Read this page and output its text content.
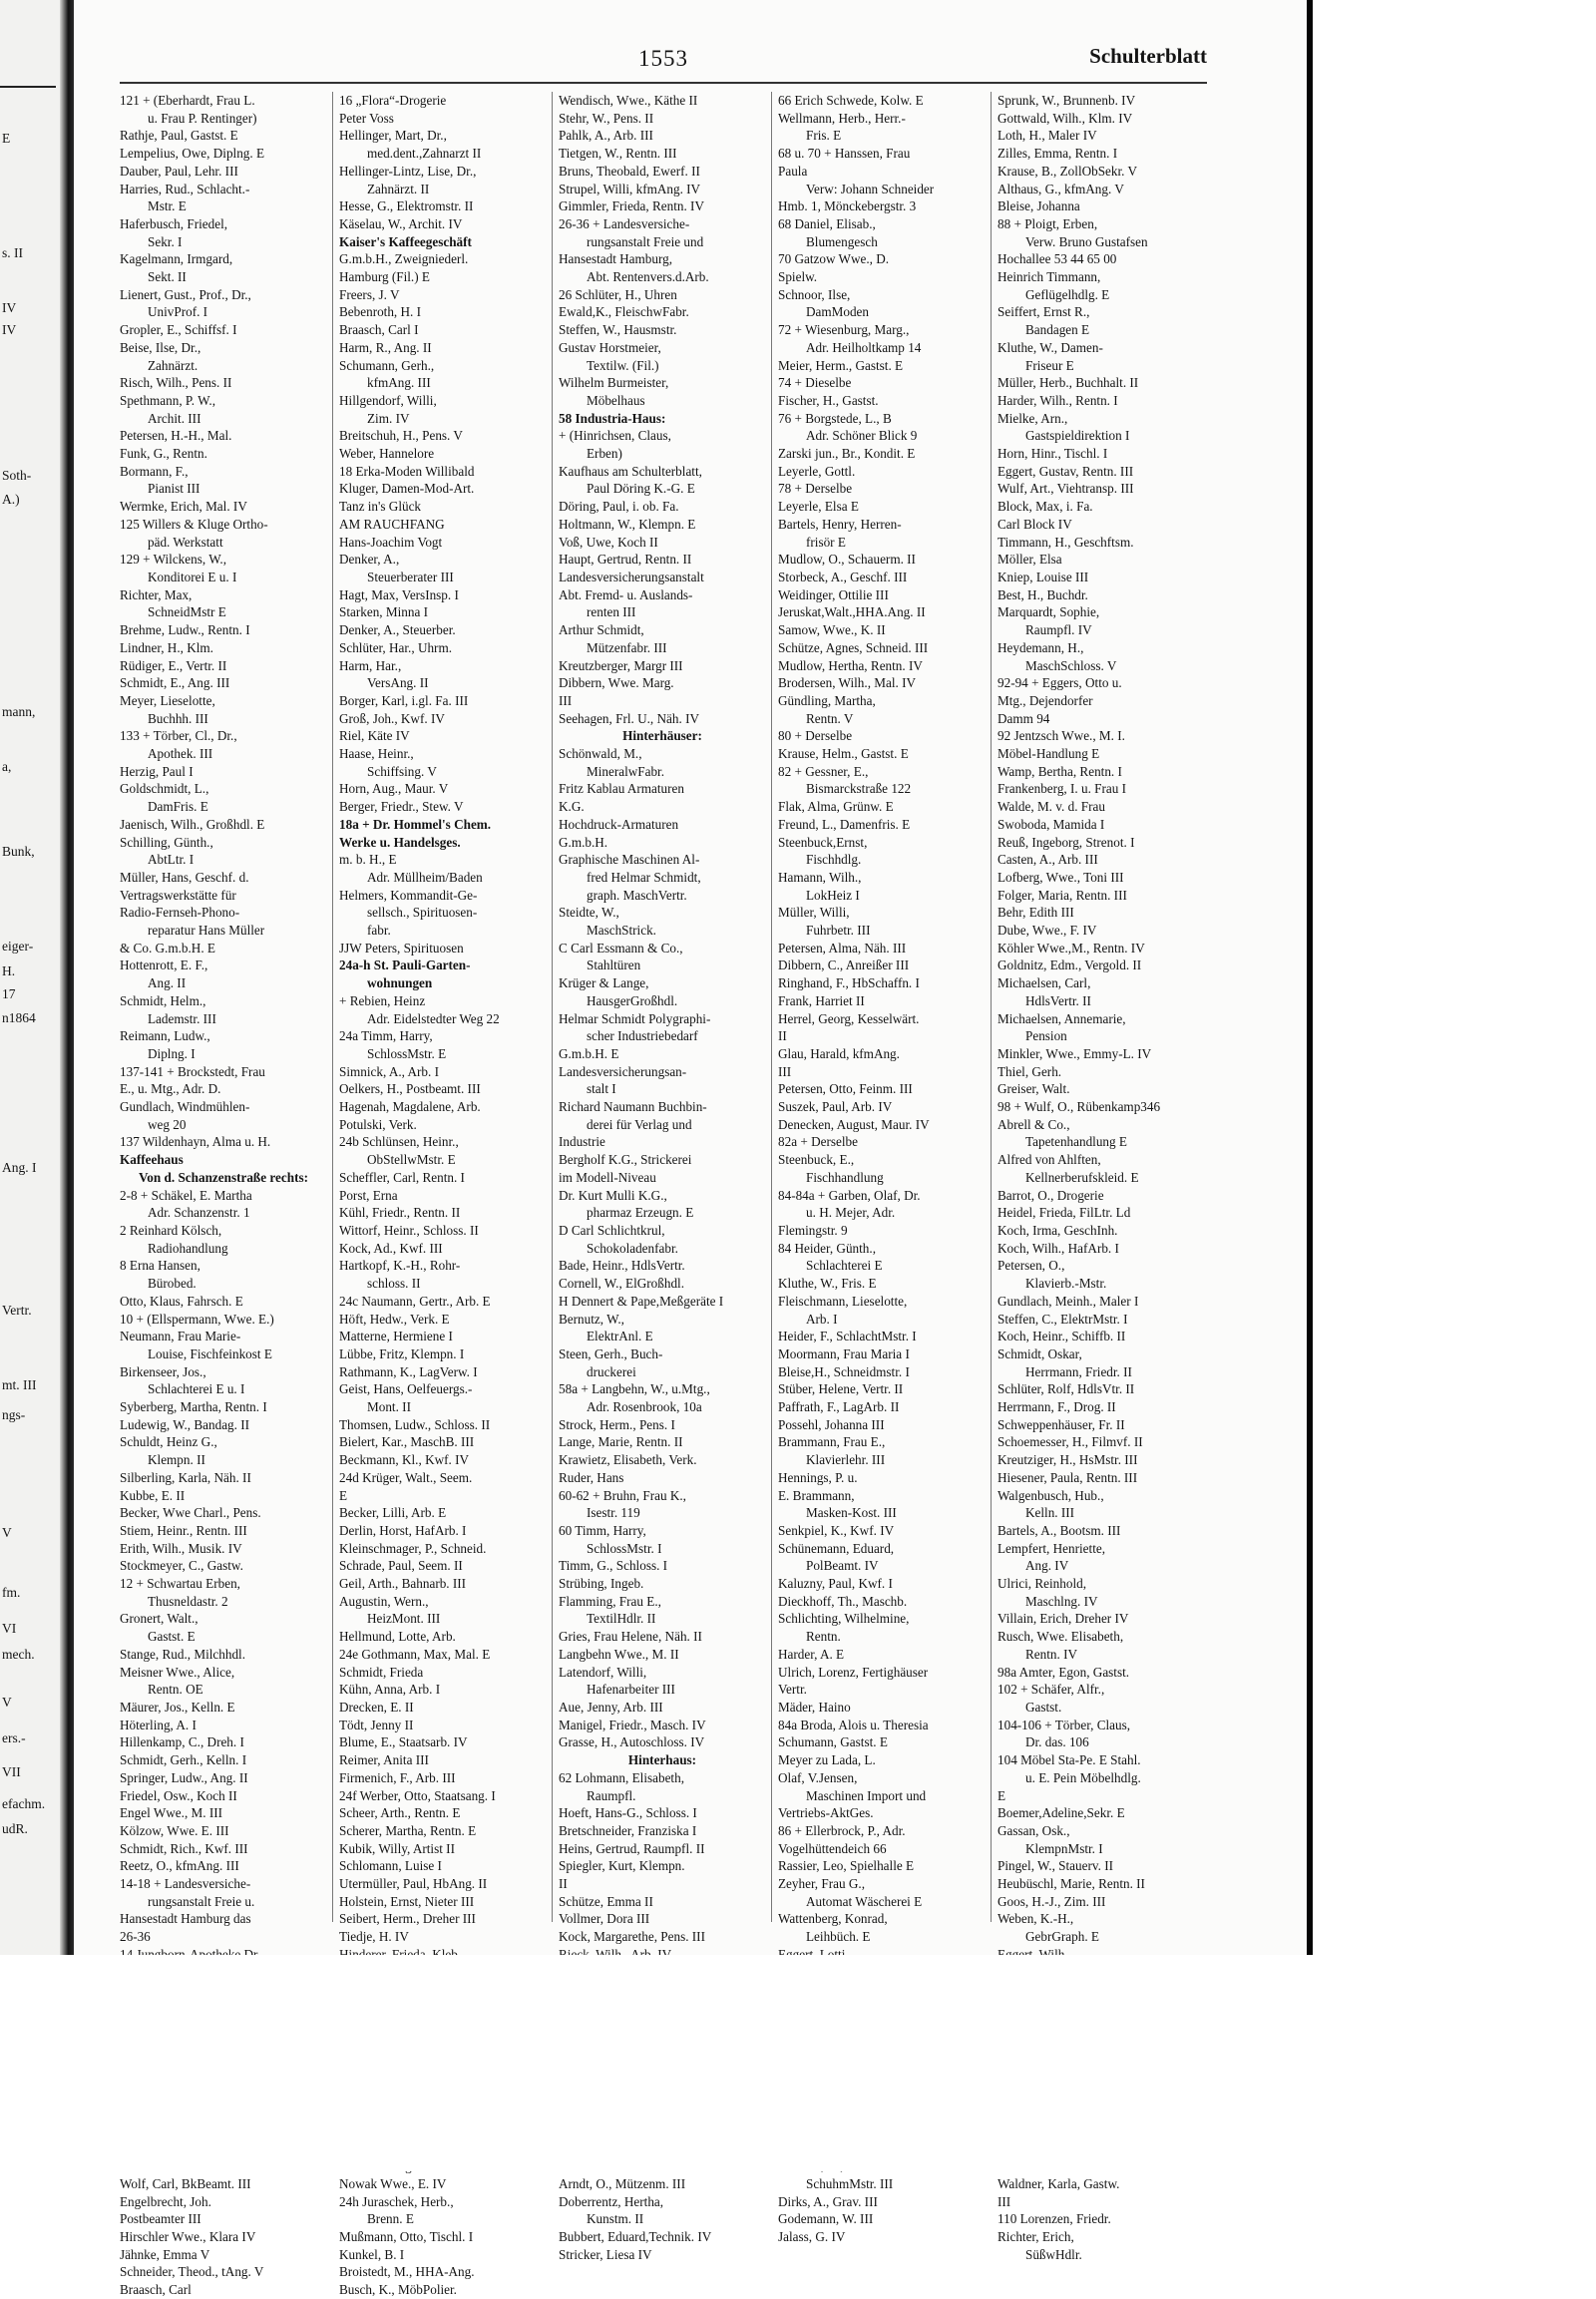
E
s. II
IV
IV
Soth-
A.)
mann,
a,
Bunk,
eiger-
H.
17
n1864
Ang. I
Vertr.
mt. III
ngs-
V
fm.
VI
mech.
V
ers.-
VII
efachm.
udR.
1553	Schulterblatt
121 + (Eberhardt, Frau L.
u. Frau P. Rentinger)
Rathje, Paul, Gastst. E
Lempelius, Owe, Diplng. E
Dauber, Paul, Lehr. III
Harries, Rud., Schlacht.-
Mstr. E
Haferbusch, Friedel,
Sekr. I
Kagelmann, Irmgard,
Sekt. II
Lienert, Gust., Prof., Dr.,
UnivProf. I
Gropler, E., Schiffsf. I
Beise, Ilse, Dr.,
Zahnärzt.
Risch, Wilh., Pens. II
Spethmann, P. W.,
Archit. III
Petersen, H.-H., Mal.
Funk, G., Rentn.
Bormann, F.,
Pianist III
Wermke, Erich, Mal. IV
125 Willers & Kluge Ortho-
päd. Werkstatt
129 + Wilckens, W.,
Konditorei E u. I
Richter, Max,
SchneidMstr E
Brehme, Ludw., Rentn. I
Lindner, H., Klm.
Rüdiger, E., Vertr. II
Schmidt, E., Ang. III
Meyer, Lieselotte,
Buchhh. III
133 + Törber, Cl., Dr.,
Apothek. III
Herzig, Paul I
Goldschmidt, L.,
DamFris. E
Jaenisch, Wilh., Großhdl. E
Schilling, Günth.,
AbtLtr. I
Müller, Hans, Geschf. d.
Vertragswerkstätte für
Radio-Fernseh-Phono-
reparatur Hans Müller
& Co. G.m.b.H. E
Hottenrott, E. F.,
Ang. II
Schmidt, Helm.,
Lademstr. III
Reimann, Ludw.,
Diplng. I
137-141 + Brockstedt, Frau
E., u. Mtg., Adr. D.
Gundlach, Windmühlen-
weg 20
137 Wildenhayn, Alma u. H.
Kaffeehaus
Von d. Schanzenstraße rechts:
2-8 + Schäkel, E. Martha
Adr. Schanzenstr. 1
2 Reinhard Kölsch,
Radiohandlung
8 Erna Hansen,
Bürobed.
Otto, Klaus, Fahrsch. E
10 + (Ellspermann, Wwe. E.)
Neumann, Frau Marie-
Louise, Fischfeinkost E
Birkenseer, Jos.,
Schlachterei E u. I
Syberberg, Martha, Rentn. I
Ludewig, W., Bandag. II
Schuldt, Heinz G.,
Klempn. II
Silberling, Karla, Näh. II
Kubbe, E. II
Becker, Wwe Charl., Pens.
Stiem, Heinr., Rentn. III
Erith, Wilh., Musik. IV
Stockmeyer, C., Gastw.
12 + Schwartau Erben,
Thusneldastr. 2
Gronert, Walt.,
Gastst. E
Stange, Rud., Milchhdl.
Meisner Wwe., Alice,
Rentn. OE
Mäurer, Jos., Kelln. E
Höterling, A. I
Hillenkamp, C., Dreh. I
Schmidt, Gerh., Kelln. I
Springer, Ludw., Ang. II
Friedel, Osw., Koch II
Engel Wwe., M. III
Kölzow, Wwe. E. III
Schmidt, Rich., Kwf. III
Reetz, O., kfmAng. III
14-18 + Landesversiche-
rungsanstalt Freie u.
Hansestadt Hamburg das
26-36
Wolf, Carl, BkBeamt. III
Engelbrecht, Joh.
Postbeamter III
Hirschler Wwe., Klara IV
Jähnke, Emma V
Schneider, Theod., tAng. V
Braasch, Carl
16 „Flora“-Drogerie
Peter Voss
Hellinger, Mart, Dr.,
med.dent.,Zahnarzt II
Hellinger-Lintz, Lise, Dr.,
Zahnärzt. II
Hesse, G., Elektromstr. II
Käselau, W., Archit. IV
Kaiser's Kaffeegeschäft
G.m.b.H., Zweigniederl.
Hamburg (Fil.) E
Freers, J. V
Bebenroth, H. I
Braasch, Carl I
Harm, R., Ang. II
Schumann, Gerh.,
kfmAng. III
Hillgendorf, Willi,
Zim. IV
Breitschuh, H., Pens. V
Weber, Hannelore
18 Erka-Moden Willibald
Kluger, Damen-Mod-Art.
Tanz in's Glück
AM RAUCHFANG
Hans-Joachim Vogt
Denker, A.,
Steuerberater III
Hagt, Max, VersInsp. I
Starken, Minna I
Denker, A., Steuerber.
Schlüter, Har., Uhrm.
Harm, Har.,
VersAng. II
Borger, Karl, i.gl. Fa. III
Groß, Joh., Kwf. IV
Riel, Käte IV
Haase, Heinr.,
Schiffsing. V
Horn, Aug., Maur. V
Berger, Friedr., Stew. V
18a + Dr. Hommel's Chem.
Werke u. Handelsges.
m. b. H., E
Adr. Müllheim/Baden
Helmers, Kommandit-Ge-
sellsch., Spirituosen-
fabr.
JJW Peters, Spirituosen
24a-h St. Pauli-Garten-
wohnungen
+ Rebien, Heinz
Adr. Eidelstedter Weg 22
24a Timm, Harry,
SchlossMstr. E
Simnick, A., Arb. I
Oelkers, H., Postbeamt. III
Hagenah, Magdalene, Arb.
Potulski, Verk.
24b Schlünsen, Heinr.,
ObStellwMstr. E
Scheffler, Carl, Rentn. I
Porst, Erna
Kühl, Friedr., Rentn. II
Wittorf, Heinr., Schloss. II
Kock, Ad., Kwf. III
Hartkopf, K.-H., Rohr-
schloss. II
24c Naumann, Gertr., Arb. E
Höft, Hedw., Verk. E
Matterne, Hermiene I
Lübbe, Fritz, Klempn. I
Rathmann, K., LagVerw. I
Geist, Hans, Oelfeuergs.-
Mont. II
Thomsen, Ludw., Schloss. II
Bielert, Kar., MaschB. III
Beckmann, Kl., Kwf. IV
24d Krüger, Walt., Seem.
E
Becker, Lilli, Arb. E
Derlin, Horst, HafArb. I
Kleinschmager, P., Schneid.
Schrade, Paul, Seem. II
Geil, Arth., Bahnarb. III
Augustin, Wern.,
HeizMont. III
Hellmund, Lotte, Arb.
24e Gothmann, Max, Mal. E
Schmidt, Frieda
Kühn, Anna, Arb. I
Drecken, E. II
Tödt, Jenny II
Blume, E., Staatsarb. IV
Reimer, Anita III
Firmenich, F., Arb. III
24f Werber, Otto, Staatsang. I
Scheer, Arth., Rentn. E
Scherer, Martha, Rentn. E
Kubik, Willy, Artist II
Schlomann, Luise I
Utermüller, Paul, HbAng. II
Holstein, Ernst, Nieter III
Seibert, Herm., Dreher III
Tiedje, H. IV
Nowak Wwe., E. IV
24h Juraschek, Herb.,
Brenn. E
Mußmann, Otto, Tischl. I
Kunkel, B. I
Broistedt, M., HHA-Ang.
Busch, K., MöbPolier.
Wendisch, Wwe., Käthe II
Stehr, W., Pens. II
Pahlk, A., Arb. III
Tietgen, W., Rentn. III
Bruns, Theobald, Ewerf. II
Strupel, Willi, kfmAng. IV
Gimmler, Frieda, Rentn. IV
26-36 + Landesversiche-
rungsanstalt Freie und
Hansestadt Hamburg,
Abt. Rentenvers.d.Arb.
26 Schlüter, H., Uhren
Ewald,K., FleischwFabr.
Steffen, W., Hausmstr.
Gustav Horstmeier,
Textilw. (Fil.)
Wilhelm Burmeister,
Möbelhaus
58 Industria-Haus:
+ (Hinrichsen, Claus,
Erben)
Kaufhaus am Schulterblatt,
Paul Döring K.-G. E
Döring, Paul, i. ob. Fa.
Holtmann, W., Klempn. E
Voß, Uwe, Koch II
Haupt, Gertrud, Rentn. II
Landesversicherungsanstalt
Abt. Fremd- u. Auslands-
renten III
Arthur Schmidt,
Mützenfabr. III
Kreutzberger, Margr III
Dibbern, Wwe. Marg.
III
Seehagen, Frl. U., Näh. IV
Hinterhäuser:
Schönwald, M.,
MineralwFabr.
Fritz Kablau Armaturen
K.G.
Hochdruck-Armaturen
G.m.b.H.
Graphische Maschinen Al-
fred Helmar Schmidt,
graph. MaschVertr.
Steidte, W.,
MaschStrick.
C Carl Essmann & Co.,
Stahltüren
Krüger & Lange,
HausgerGroßhdl.
Helmar Schmidt Polygraphi-
scher Industriebedarf
G.m.b.H. E
Landesversicherungsan-
stalt I
Richard Naumann Buchbin-
derei für Verlag und
Industrie
Bergholf K.G., Strickerei
im Modell-Niveau
Dr. Kurt Mulli K.G.,
pharmaz Erzeugn. E
D Carl Schlichtkrul,
Schokoladenfabr.
Bade, Heinr., HdlsVertr.
Cornell, W., ElGroßhdl.
H Dennert & Pape,Meßgeräte I
Bernutz, W.,
ElektrAnl. E
Steen, Gerh., Buch-
druckerei
58a + Langbehn, W., u.Mtg.,
Adr. Rosenbrook, 10a
Strock, Herm., Pens. I
Lange, Marie, Rentn. II
Krawietz, Elisabeth, Verk.
Ruder, Hans
60-62 + Bruhn, Frau K.,
Isestr. 119
60 Timm, Harry,
SchlossMstr. I
Timm, G., Schloss. I
Strübing, Ingeb.
Flamming, Frau E.,
TextilHdlr. II
Gries, Frau Helene, Näh. II
Langbehn Wwe., M. II
Latendorf, Willi,
Hafenarbeiter III
Aue, Jenny, Arb. III
Manigel, Friedr., Masch. IV
Grasse, H., Autoschloss. IV
Hinterhaus:
62 Lohmann, Elisabeth,
Raumpfl.
Hoeft, Hans-G., Schloss. I
Bretschneider, Franziska I
Heins, Gertrud, Raumpfl. II
Spiegler, Kurt, Klempn.
II
Schütze, Emma II
Vollmer, Dora III
Kock, Margarethe, Pens. III
Arndt, O., Mützenm. III
Doberrentz, Hertha,
Kunstm. II
Bubbert, Eduard,Technik. IV
Stricker, Liesa IV
66 Erich Schwede, Kolw. E
Wellmann, Herb., Herr.-
Fris. E
68 u. 70 + Hanssen, Frau
Paula
Verw: Johann Schneider
Hmb. 1, Mönckebergstr. 3
68 Daniel, Elisab.,
Blumengesch
70 Gatzow Wwe., D.
Spielw.
Schnoor, Ilse,
DamModen
72 + Wiesenburg, Marg.,
Adr. Heilholtkamp 14
Meier, Herm., Gastst. E
74 + Dieselbe
Fischer, H., Gastst.
76 + Borgstede, L., B
Adr. Schöner Blick 9
Zarski jun., Br., Kondit. E
Leyerle, Gottl.
78 + Derselbe
Leyerle, Elsa E
Bartels, Henry, Herren-
frisör E
Mudlow, O., Schauerm. II
Storbeck, A., Geschf. III
Weidinger, Ottilie III
Jeruskat,Walt.,HHA.Ang. II
Samow, Wwe., K. II
Schütze, Agnes, Schneid. III
Mudlow, Hertha, Rentn. IV
Brodersen, Wilh., Mal. IV
Gündling, Martha,
Rentn. V
80 + Derselbe
Krause, Helm., Gastst. E
82 + Gessner, E.,
Bismarckstraße 122
Flak, Alma, Grünw. E
Freund, L., Damenfris. E
Steenbuck,Ernst,
Fischhdlg.
Hamann, Wilh.,
LokHeiz I
Müller, Willi,
Fuhrbetr. III
Petersen, Alma, Näh. III
Dibbern, C., Anreißer III
Ringhand, F., HbSchaffn. I
Frank, Harriet II
Herrel, Georg, Kesselwärt.
II
Glau, Harald, kfmAng.
III
Petersen, Otto, Feinm. III
Suszek, Paul, Arb. IV
Denecken, August, Maur. IV
82a + Derselbe
Steenbuck, E.,
Fischhandlung
84-84a + Garben, Olaf, Dr.
u. H. Mejer, Adr.
Flemingstr. 9
84 Heider, Günth.,
Schlachterei E
Kluthe, W., Fris. E
Fleischmann, Lieselotte,
Arb. I
Heider, F., SchlachtMstr. I
Moormann, Frau Maria I
Bleise,H., Schneidmstr. I
Stüber, Helene, Vertr. II
Paffrath, F., LagArb. II
Possehl, Johanna III
Brammann, Frau E.,
Klavierlehr. III
Hennings, P. u.
E. Brammann,
Masken-Kost. III
Senkpiel, K., Kwf. IV
Schünemann, Eduard,
PolBeamt. IV
Kaluzny, Paul, Kwf. I
Dieckhoff, Th., Maschb.
Schlichting, Wilhelmine,
Rentn.
Harder, A. E
Ulrich, Lorenz, Fertighäuser
Vertr.
Mäder, Haino
84a Broda, Alois u. Theresia
Schumann, Gastst. E
Meyer zu Lada, L.
Olaf, V.Jensen,
Maschinen Import und
Vertriebs-AktGes.
86 + Ellerbrock, P., Adr.
Vogelhüttendeich 66
Rassier, Leo, Spielhalle E
Zeyher, Frau G.,
Automat Wäscherei E
Wattenberg, Konrad,
Leihbüch. E
SchuhmMstr. III
Dirks, A., Grav. III
Godemann, W. III
Jalass, G. IV
Sprunk, W., Brunnenb. IV
Gottwald, Wilh., Klm. IV
Loth, H., Maler IV
Zilles, Emma, Rentn. I
Krause, B., ZollObSekr. V
Althaus, G., kfmAng. V
Bleise, Johanna
88 + Ploigt, Erben,
Verw. Bruno Gustafsen
Hochallee 53 44 65 00
Heinrich Timmann,
Geflügelhdlg. E
Seiffert, Ernst R.,
Bandagen E
Kluthe, W., Damen-
Friseur E
Müller, Herb., Buchhalt. II
Harder, Wilh., Rentn. I
Mielke, Arn.,
Gastspieldirektion I
Horn, Hinr., Tischl. I
Eggert, Gustav, Rentn. III
Wulf, Art., Viehtransp. III
Block, Max, i. Fa.
Carl Block IV
Timmann, H., Geschftsm.
Möller, Elsa
Kniep, Louise III
Best, H., Buchdr.
Marquardt, Sophie,
Raumpfl. IV
Heydemann, H.,
MaschSchloss. V
92-94 + Eggers, Otto u.
Mtg., Dejendorfer
Damm 94
92 Jentzsch Wwe., M. I.
Möbel-Handlung E
Wamp, Bertha, Rentn. I
Frankenberg, I. u. Frau I
Walde, M. v. d. Frau
Swoboda, Mamida I
Reuß, Ingeborg, Strenot. I
Casten, A., Arb. III
Lofberg, Wwe., Toni III
Folger, Maria, Rentn. III
Behr, Edith III
Dube, Wwe., F. IV
Köhler Wwe.,M., Rentn. IV
Goldnitz, Edm., Vergold. II
Michaelsen, Carl,
HdlsVertr. II
Michaelsen, Annemarie,
Pension
Minkler, Wwe., Emmy-L. IV
Thiel, Gerh.
Greiser, Walt.
98 + Wulf, O., Rübenkamp346
Abrell & Co.,
Tapetenhandlung E
Alfred von Ahlften,
Kellnerberufskleid. E
Barrot, O., Drogerie
Heidel, Frieda, FilLtr. Ld
Koch, Irma, GeschInh.
Koch, Wilh., HafArb. I
Petersen, O.,
Klavierb.-Mstr.
Gundlach, Meinh., Maler I
Steffen, C., ElektrMstr. I
Koch, Heinr., Schiffb. II
Schmidt, Oskar,
Herrmann, Friedr. II
Schlüter, Rolf, HdlsVtr. II
Herrmann, F., Drog. II
Schweppenhäuser, Fr. II
Schoemesser, H., Filmvf. II
Kreutziger, H., HsMstr. III
Hiesener, Paula, Rentn. III
Walgenbusch, Hub.,
Kelln. III
Bartels, A., Bootsm. III
Lempfert, Henriette,
Ang. IV
Ulrici, Reinhold,
Maschlng. IV
Villain, Erich, Dreher IV
Rusch, Wwe. Elisabeth,
Rentn. IV
98a Amter, Egon, Gastst.
102 + Schäfer, Alfr.,
Gastst.
104-106 + Törber, Claus,
Dr. das. 106
104 Möbel Sta-Pe. E Stahl.
u. E. Pein Möbelhdlg.
E
Boemer,Adeline,Sekr. E
Gassan, Osk.,
KlempnMstr. I
Pingel, W., Stauerv. II
Heubüschl, Marie, Rentn. II
Goos, H.-J., Zim. III
Weben, K.-H.,
GebrGraph. E
Waldner, Karla, Gastw.
III
110 Lorenzen, Friedr.
Richter, Erich,
SüßwHdlr.
